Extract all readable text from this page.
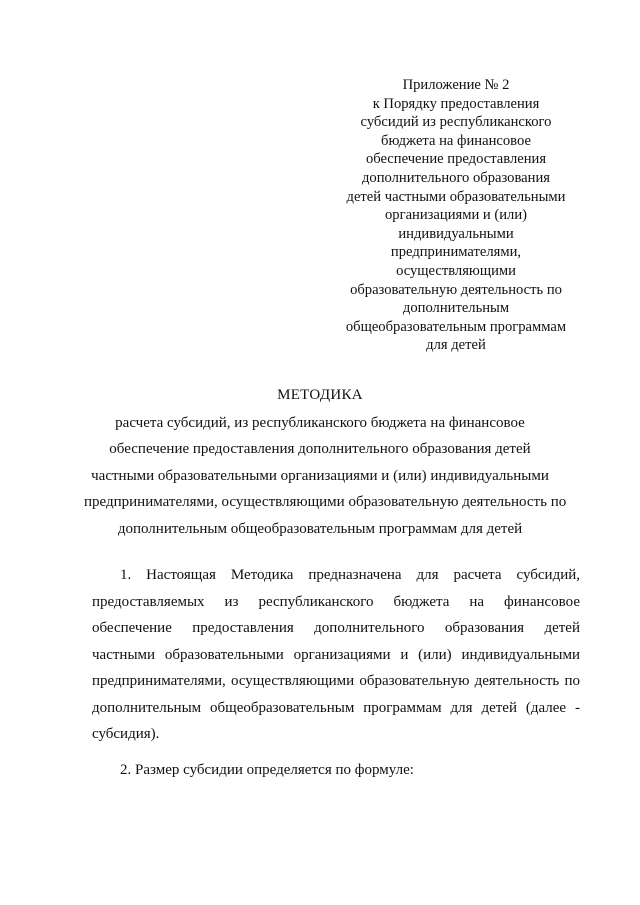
Приложение № 2
к Порядку предоставления
субсидий из республиканского
бюджета на финансовое
обеспечение предоставления
дополнительного образования
детей частными образовательными
организациями и (или)
индивидуальными
предпринимателями,
осуществляющими
образовательную деятельность по
дополнительным
общеобразовательным программам
для детей
МЕТОДИКА
расчета субсидий, из республиканского бюджета на финансовое
обеспечение предоставления дополнительного образования детей
частными образовательными организациями и (или) индивидуальными
предпринимателями, осуществляющими образовательную деятельность по
дополнительным общеобразовательным программам для детей
1. Настоящая Методика предназначена для расчета субсидий,
предоставляемых из республиканского бюджета на финансовое
обеспечение предоставления дополнительного образования детей
частными образовательными организациями и (или) индивидуальными
предпринимателями, осуществляющими образовательную деятельность по
дополнительным общеобразовательным программам для детей (далее -
субсидия).
2. Размер субсидии определяется по формуле:
